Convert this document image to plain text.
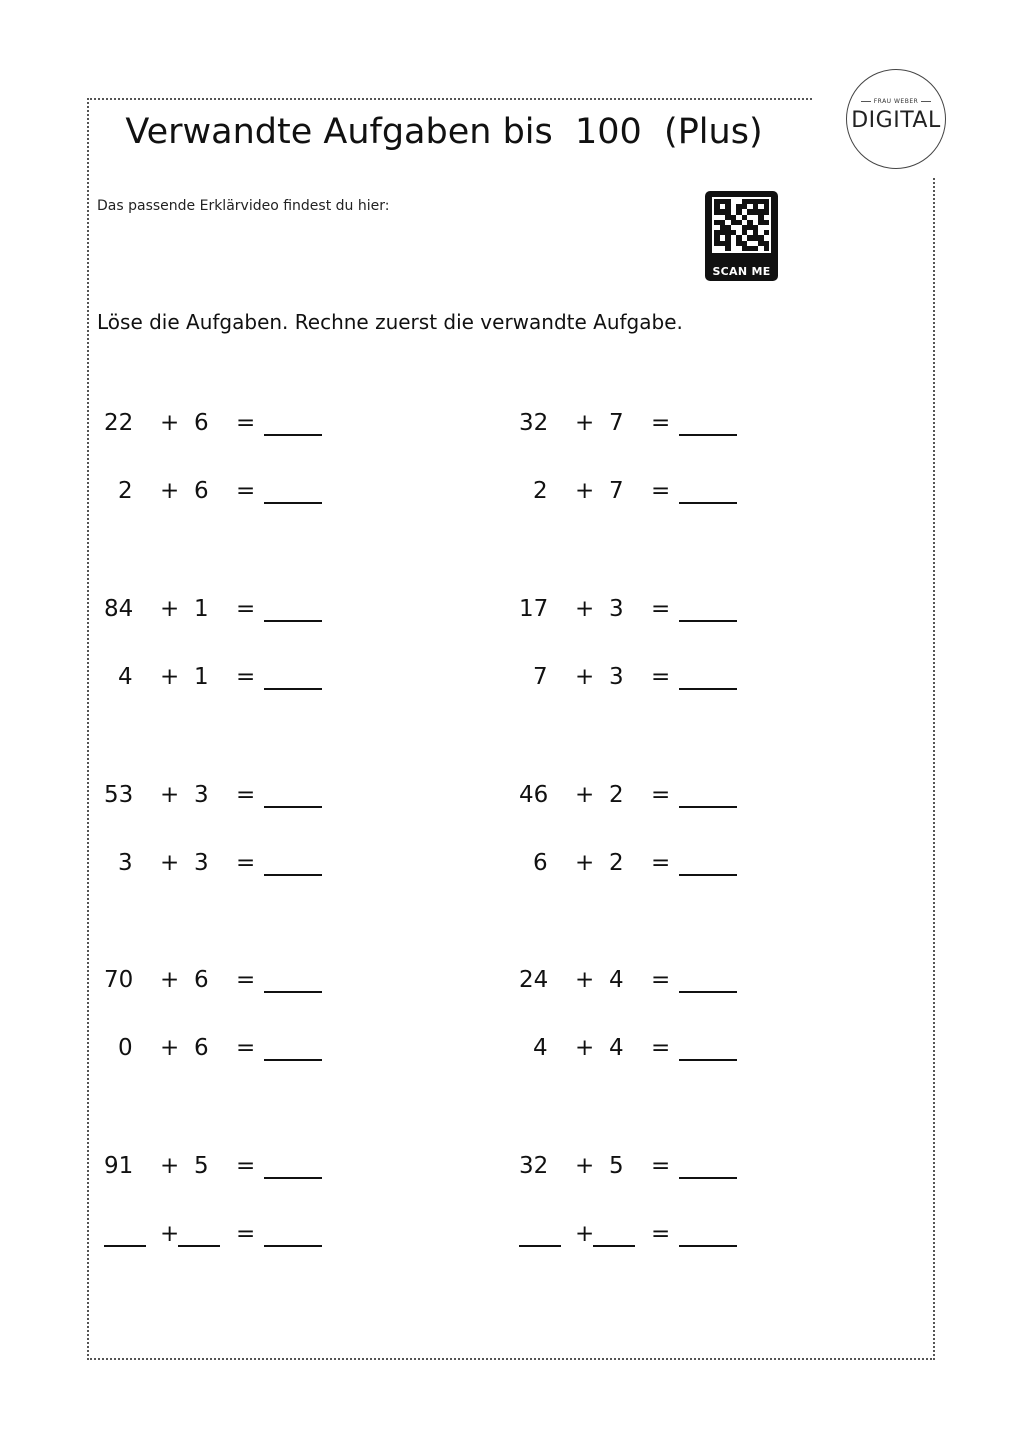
FRAU WEBER
DIGITAL
Verwandte Aufgaben bis  100  (Plus)
Das passende Erklärvideo findest du hier:
SCAN ME
Löse die Aufgaben. Rechne zuerst die verwandte Aufgabe.
22 + 6 =
2 + 6 =
32 + 7 =
2 + 7 =
84 + 1 =
4 + 1 =
17 + 3 =
7 + 3 =
53 + 3 =
3 + 3 =
46 + 2 =
6 + 2 =
70 + 6 =
0 + 6 =
24 + 4 =
4 + 4 =
91 + 5 =
+ =
32 + 5 =
+ =
